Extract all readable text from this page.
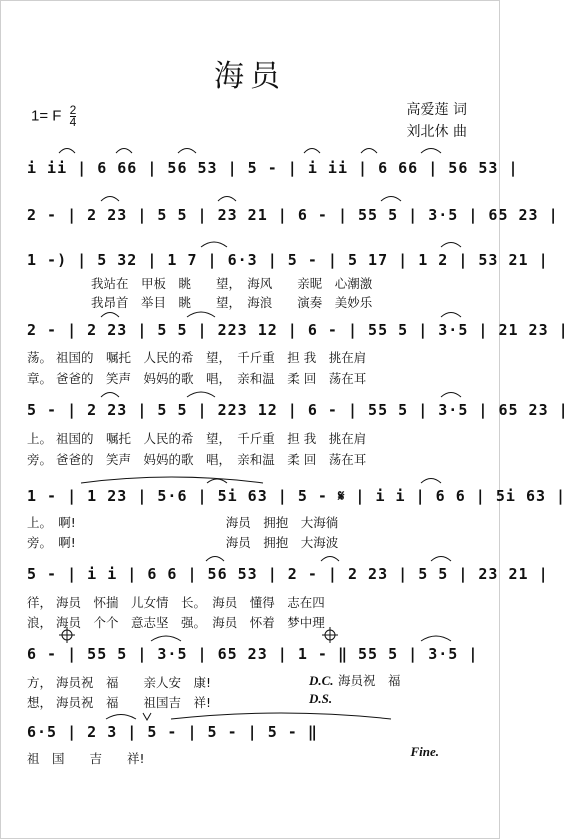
海员
1= F $\frac{2}{4}$	高爱莲 词
刘北休 曲
i ii | 6 66 | 56 53 | 5 - | i ii | 6 66 | 56 53 |
2 - | 2 23 | 5 5 | 23 21 | 6 - | 55 5 | 3·5 | 65 23 |
1 -) | 5 32 | 1 7 | 6·3 | 5 - | 5 17 | 1 2 | 53 21 |
我站在　甲板　眺　　望，　海风　　亲昵　心潮激
我昂首　举目　眺　　望，　海浪　　演奏　美妙乐
2 - | 2 23 | 5 5 | 223 12 | 6 - | 55 5 | 3·5 | 21 23 |
荡。 祖国的　嘱托　人民的希　望，　千斤重　担 我　挑在肩
章。 爸爸的　笑声　妈妈的歌　唱，　亲和温　柔 回　荡在耳
5 - | 2 23 | 5 5 | 223 12 | 6 - | 55 5 | 3·5 | 65 23 |
上。 祖国的　嘱托　人民的希　望，　千斤重　担 我　挑在肩
旁。 爸爸的　笑声　妈妈的歌　唱，　亲和温　柔 回　荡在耳
1 - | 1 23 | 5·6 | 5i 63 | 5 - 𝄋 | i i | 6 6 | 5i 63 |
上。　啊!　　　　　　　　　　　　海员　拥抱　大海徜
旁。　啊!　　　　　　　　　　　　海员　拥抱　大海波
5 - | i i | 6 6 | 56 53 | 2 - | 2 23 | 5 5 | 23 21 |
徉， 海员　怀揣　儿女情　长。　海员　懂得　志在四
浪， 海员　个个　意志坚　强。　海员　怀着　梦中理
6 - | 55 5 | 3·5 | 65 23 | 1 - ‖ 55 5 | 3·5 |
方， 海员祝　福　　亲人安　康!
想， 海员祝　福　　祖国吉　祥!
D.C. 海员祝　福
D.S.
6·5 | 2 3 | 5 - | 5 - | 5 - ‖
祖　国　　吉　　祥!	Fine.
